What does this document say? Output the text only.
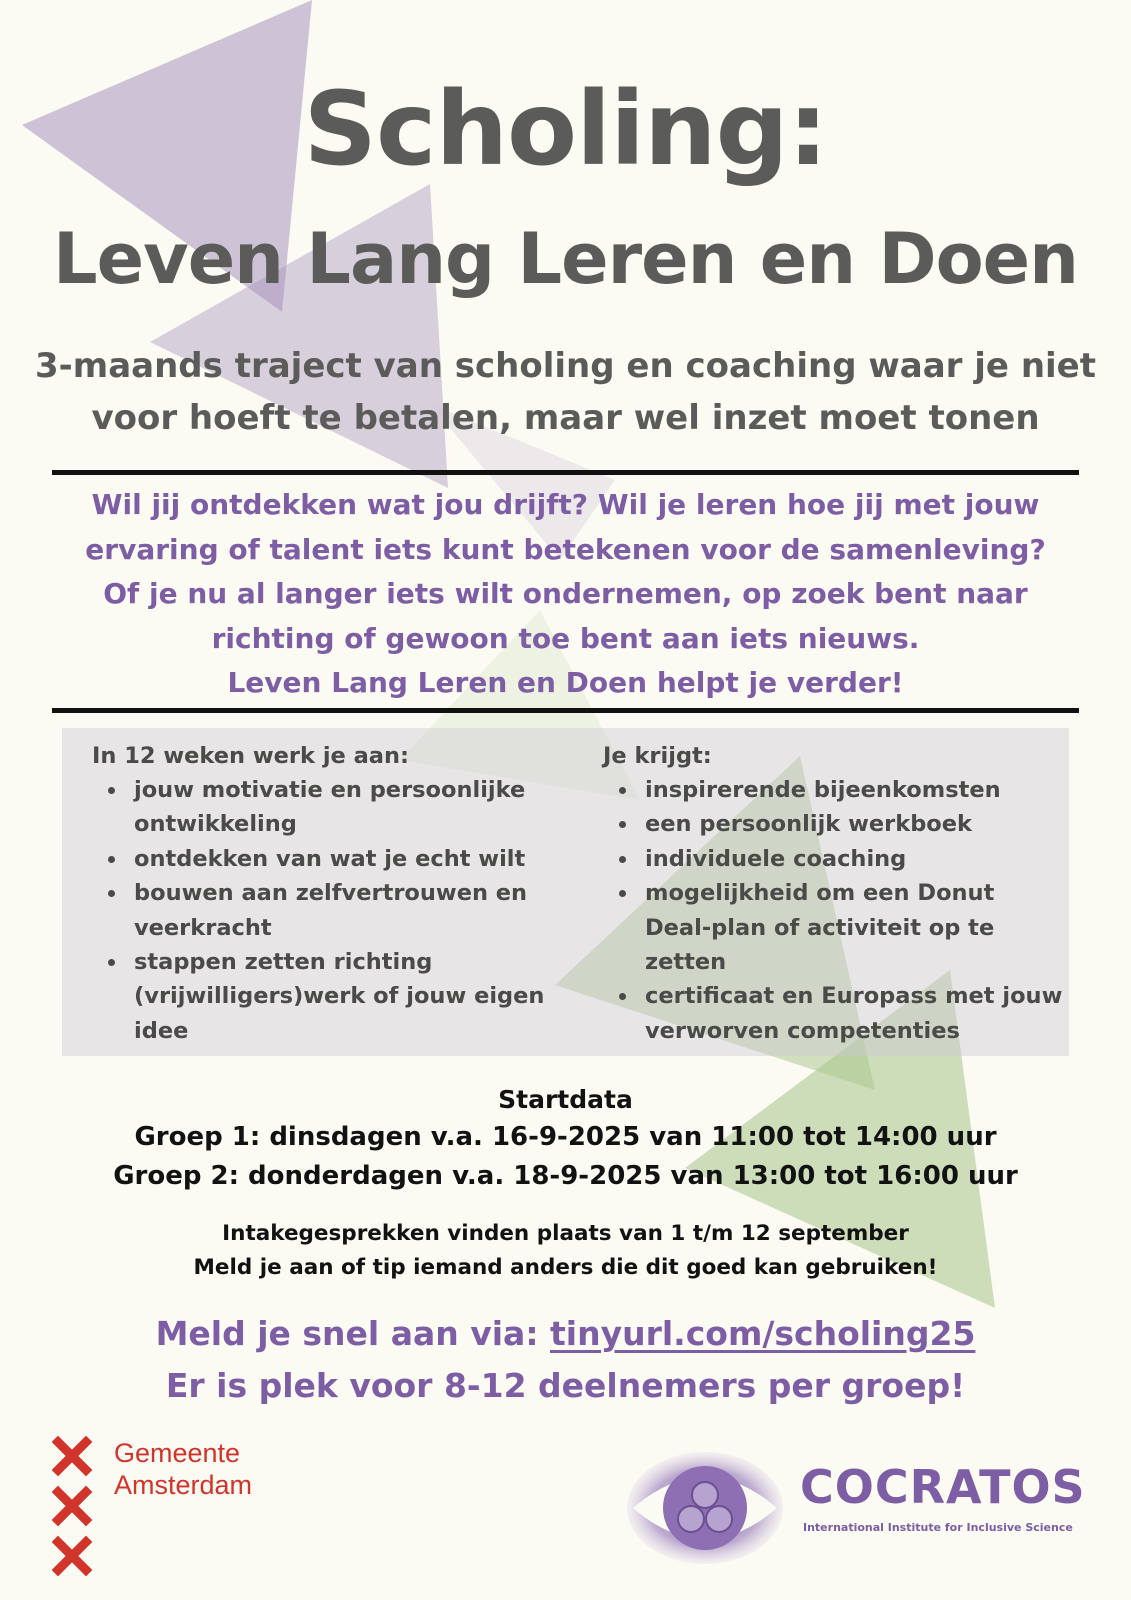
Scholing:
Leven Lang Leren en Doen

3-maands traject van scholing en coaching waar je niet
voor hoeft te betalen, maar wel inzet moet tonen

Wil jij ontdekken wat jou drijft? Wil je leren hoe jij met jouw
ervaring of talent iets kunt betekenen voor de samenleving?
Of je nu al langer iets wilt ondernemen, op zoek bent naar
richting of gewoon toe bent aan iets nieuws.
Leven Lang Leren en Doen helpt je verder!
In 12 weken werk je aan:
jouw motivatie en persoonlijke ontwikkeling
ontdekken van wat je echt wilt
bouwen aan zelfvertrouwen en veerkracht
stappen zetten richting (vrijwilligers)werk of jouw eigen idee
Je krijgt:
inspirerende bijeenkomsten
een persoonlijk werkboek
individuele coaching
mogelijkheid om een Donut Deal-plan of activiteit op te zetten
certificaat en Europass met jouw verworven competenties
Startdata
Groep 1: dinsdagen v.a. 16-9-2025 van 11:00 tot 14:00 uur
Groep 2: donderdagen v.a. 18-9-2025 van 13:00 tot 16:00 uur
Intakegesprekken vinden plaats van 1 t/m 12 september
Meld je aan of tip iemand anders die dit goed kan gebruiken!
Meld je snel aan via: tinyurl.com/scholing25
Er is plek voor 8-12 deelnemers per groep!
Gemeente
Amsterdam	COCRATOS
International Institute for Inclusive Science
